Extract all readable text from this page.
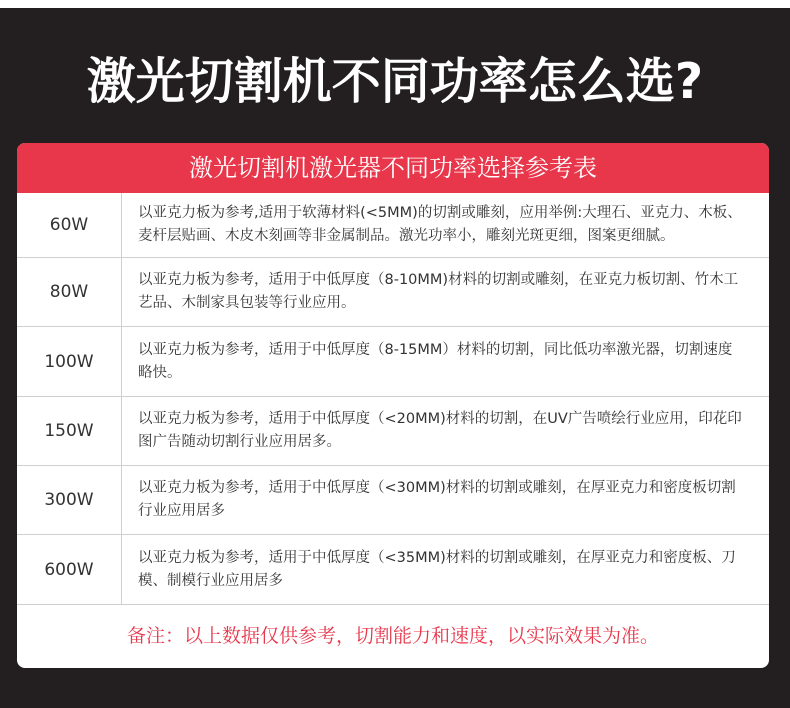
激光切割机不同功率怎么选?
激光切割机激光器不同功率选择参考表
60W
以亚克力板为参考,适用于软薄材料(<5MM)的切割或雕刻，应用举例:大理石、亚克力、木板、
麦杆层贴画、木皮木刻画等非金属制品。激光功率小，雕刻光斑更细，图案更细腻。
80W
以亚克力板为参考，适用于中低厚度（8-10MM)材料的切割或雕刻，在亚克力板切割、竹木工
艺品、木制家具包装等行业应用。
100W
以亚克力板为参考，适用于中低厚度（8-15MM）材料的切割，同比低功率激光器，切割速度
略快。
150W
以亚克力板为参考，适用于中低厚度（<20MM)材料的切割，在UV广告喷绘行业应用，印花印
图广告随动切割行业应用居多。
300W
以亚克力板为参考，适用于中低厚度（<30MM)材料的切割或雕刻，在厚亚克力和密度板切割
行业应用居多
600W
以亚克力板为参考，适用于中低厚度（<35MM)材料的切割或雕刻，在厚亚克力和密度板、刀
模、制模行业应用居多
备注：以上数据仅供参考，切割能力和速度，以实际效果为准。
